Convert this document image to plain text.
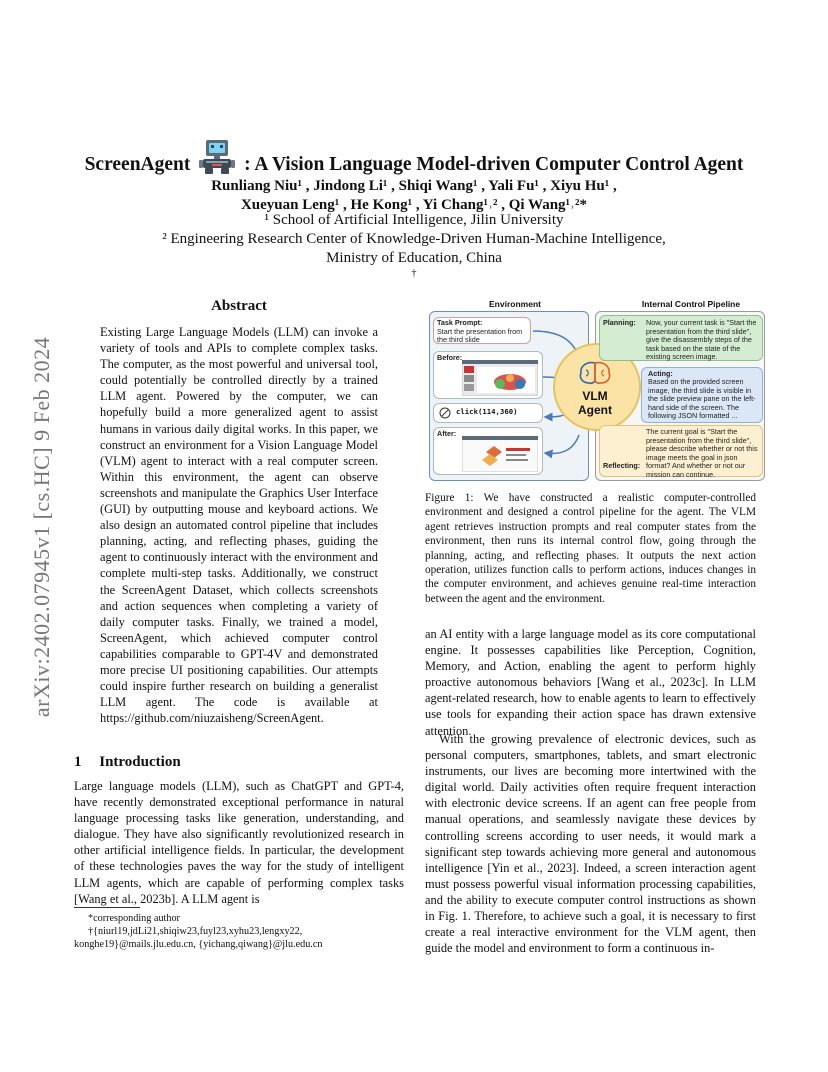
arXiv:2402.07945v1 [cs.HC] 9 Feb 2024
ScreenAgent	: A Vision Language Model-driven Computer Control Agent
Runliang Niu¹ , Jindong Li¹ , Shiqi Wang¹ , Yali Fu¹ , Xiyu Hu¹ ,
Xueyuan Leng¹ , He Kong¹ , Yi Chang¹˒² , Qi Wang¹˒²*
¹ School of Artificial Intelligence, Jilin University
² Engineering Research Center of Knowledge-Driven Human-Machine Intelligence,
Ministry of Education, China
†
Abstract
Existing Large Language Models (LLM) can invoke a variety of tools and APIs to complete complex tasks. The computer, as the most powerful and universal tool, could potentially be controlled directly by a trained LLM agent. Powered by the computer, we can hopefully build a more generalized agent to assist humans in various daily digital works. In this paper, we construct an environment for a Vision Language Model (VLM) agent to interact with a real computer screen. Within this environment, the agent can observe screenshots and manipulate the Graphics User Interface (GUI) by outputting mouse and keyboard actions. We also design an automated control pipeline that includes planning, acting, and reflecting phases, guiding the agent to continuously interact with the environment and complete multi-step tasks. Additionally, we construct the ScreenAgent Dataset, which collects screenshots and action sequences when completing a variety of daily computer tasks. Finally, we trained a model, ScreenAgent, which achieved computer control capabilities comparable to GPT-4V and demonstrated more precise UI positioning capabilities. Our attempts could inspire further research on building a generalist LLM agent. The code is available at https://github.com/niuzaisheng/ScreenAgent.
1 Introduction
Large language models (LLM), such as ChatGPT and GPT-4, have recently demonstrated exceptional performance in natural language processing tasks like generation, understanding, and dialogue. They have also significantly revolutionized research in other artificial intelligence fields. In particular, the development of these technologies paves the way for the study of intelligent LLM agents, which are capable of performing complex tasks [Wang et al., 2023b]. A LLM agent is
*corresponding author
†{niurl19,jdLi21,shiqiw23,fuyl23,xyhu23,lengxy22,
konghe19}@mails.jlu.edu.cn, {yichang,qiwang}@jlu.edu.cn
Environment	Internal Control Pipeline
Task Prompt:
Start the presentation from the third slide
Before:
click(114,360)
After:
VLM
Agent
Planning: Now, your current task is "Start the presentation from the third slide", give the disassembly steps of the task based on the state of the existing screen image.
Acting:
Based on the provided screen image, the third slide is visible in the slide preview pane on the left-hand side of the screen. The following JSON formatted ...
Reflecting:
The current goal is "Start the presentation from the third slide", please describe whether or not this image meets the goal in json format? And whether or not our mission can continue.
Figure 1: We have constructed a realistic computer-controlled environment and designed a control pipeline for the agent. The VLM agent retrieves instruction prompts and real computer states from the environment, then runs its internal control flow, going through the planning, acting, and reflecting phases. It outputs the next action operation, utilizes function calls to perform actions, induces changes in the computer environment, and achieves genuine real-time interaction between the agent and the environment.
an AI entity with a large language model as its core computational engine. It possesses capabilities like Perception, Cognition, Memory, and Action, enabling the agent to perform highly proactive autonomous behaviors [Wang et al., 2023c]. In LLM agent-related research, how to enable agents to learn to effectively use tools for expanding their action space has drawn extensive attention.
With the growing prevalence of electronic devices, such as personal computers, smartphones, tablets, and smart electronic instruments, our lives are becoming more intertwined with the digital world. Daily activities often require frequent interaction with electronic device screens. If an agent can free people from manual operations, and seamlessly navigate these devices by controlling screens according to user needs, it would mark a significant step towards achieving more general and autonomous intelligence [Yin et al., 2023]. Indeed, a screen interaction agent must possess powerful visual information processing capabilities, and the ability to execute computer control instructions as shown in Fig. 1. Therefore, to achieve such a goal, it is necessary to first create a real interactive environment for the VLM agent, then guide the model and environment to form a continuous in-
